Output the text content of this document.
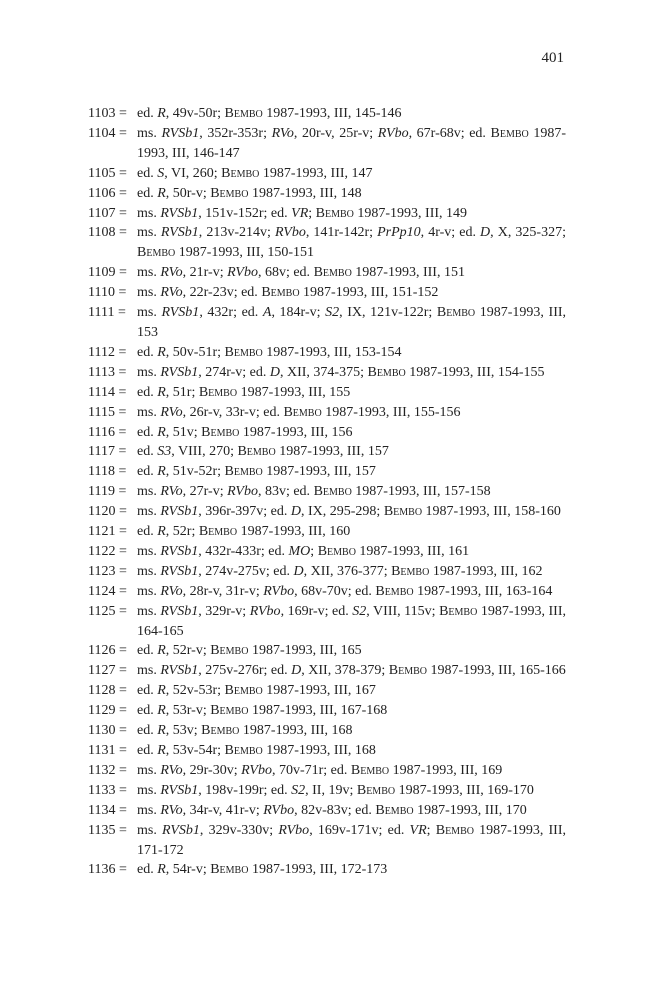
401
1103 = ed. R, 49v-50r; Bembo 1987-1993, III, 145-146
1104 = ms. RVSb1, 352r-353r; RVo, 20r-v, 25r-v; RVbo, 67r-68v; ed. Bembo 1987-1993, III, 146-147
1105 = ed. S, VI, 260; Bembo 1987-1993, III, 147
1106 = ed. R, 50r-v; Bembo 1987-1993, III, 148
1107 = ms. RVSb1, 151v-152r; ed. VR; Bembo 1987-1993, III, 149
1108 = ms. RVSb1, 213v-214v; RVbo, 141r-142r; PrPp10, 4r-v; ed. D, X, 325-327; Bembo 1987-1993, III, 150-151
1109 = ms. RVo, 21r-v; RVbo, 68v; ed. Bembo 1987-1993, III, 151
1110 = ms. RVo, 22r-23v; ed. Bembo 1987-1993, III, 151-152
1111 = ms. RVSb1, 432r; ed. A, 184r-v; S2, IX, 121v-122r; Bembo 1987-1993, III, 153
1112 = ed. R, 50v-51r; Bembo 1987-1993, III, 153-154
1113 = ms. RVSb1, 274r-v; ed. D, XII, 374-375; Bembo 1987-1993, III, 154-155
1114 = ed. R, 51r; Bembo 1987-1993, III, 155
1115 = ms. RVo, 26r-v, 33r-v; ed. Bembo 1987-1993, III, 155-156
1116 = ed. R, 51v; Bembo 1987-1993, III, 156
1117 = ed. S3, VIII, 270; Bembo 1987-1993, III, 157
1118 = ed. R, 51v-52r; Bembo 1987-1993, III, 157
1119 = ms. RVo, 27r-v; RVbo, 83v; ed. Bembo 1987-1993, III, 157-158
1120 = ms. RVSb1, 396r-397v; ed. D, IX, 295-298; Bembo 1987-1993, III, 158-160
1121 = ed. R, 52r; Bembo 1987-1993, III, 160
1122 = ms. RVSb1, 432r-433r; ed. MO; Bembo 1987-1993, III, 161
1123 = ms. RVSb1, 274v-275v; ed. D, XII, 376-377; Bembo 1987-1993, III, 162
1124 = ms. RVo, 28r-v, 31r-v; RVbo, 68v-70v; ed. Bembo 1987-1993, III, 163-164
1125 = ms. RVSb1, 329r-v; RVbo, 169r-v; ed. S2, VIII, 115v; Bembo 1987-1993, III, 164-165
1126 = ed. R, 52r-v; Bembo 1987-1993, III, 165
1127 = ms. RVSb1, 275v-276r; ed. D, XII, 378-379; Bembo 1987-1993, III, 165-166
1128 = ed. R, 52v-53r; Bembo 1987-1993, III, 167
1129 = ed. R, 53r-v; Bembo 1987-1993, III, 167-168
1130 = ed. R, 53v; Bembo 1987-1993, III, 168
1131 = ed. R, 53v-54r; Bembo 1987-1993, III, 168
1132 = ms. RVo, 29r-30v; RVbo, 70v-71r; ed. Bembo 1987-1993, III, 169
1133 = ms. RVSb1, 198v-199r; ed. S2, II, 19v; Bembo 1987-1993, III, 169-170
1134 = ms. RVo, 34r-v, 41r-v; RVbo, 82v-83v; ed. Bembo 1987-1993, III, 170
1135 = ms. RVSb1, 329v-330v; RVbo, 169v-171v; ed. VR; Bembo 1987-1993, III, 171-172
1136 = ed. R, 54r-v; Bembo 1987-1993, III, 172-173
